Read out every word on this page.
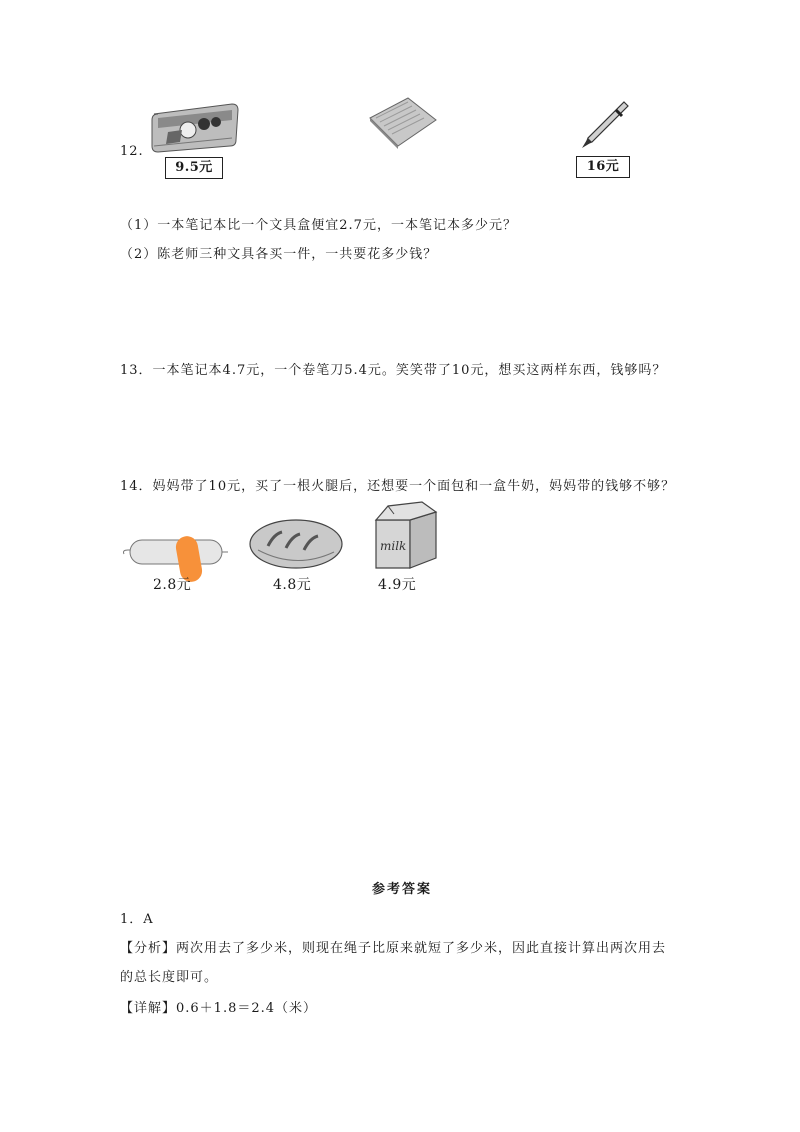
12.
9.5元	16元
（1）一本笔记本比一个文具盒便宜2.7元，一本笔记本多少元？
（2）陈老师三种文具各买一件，一共要花多少钱？
13．一本笔记本4.7元，一个卷笔刀5.4元。笑笑带了10元，想买这两样东西，钱够吗？
14．妈妈带了10元，买了一根火腿后，还想要一个面包和一盒牛奶，妈妈带的钱够不够？
2.8元	4.8元
milk
4.9元
参考答案
1．A
【分析】两次用去了多少米，则现在绳子比原来就短了多少米，因此直接计算出两次用去
的总长度即可。
【详解】0.6＋1.8＝2.4（米）
